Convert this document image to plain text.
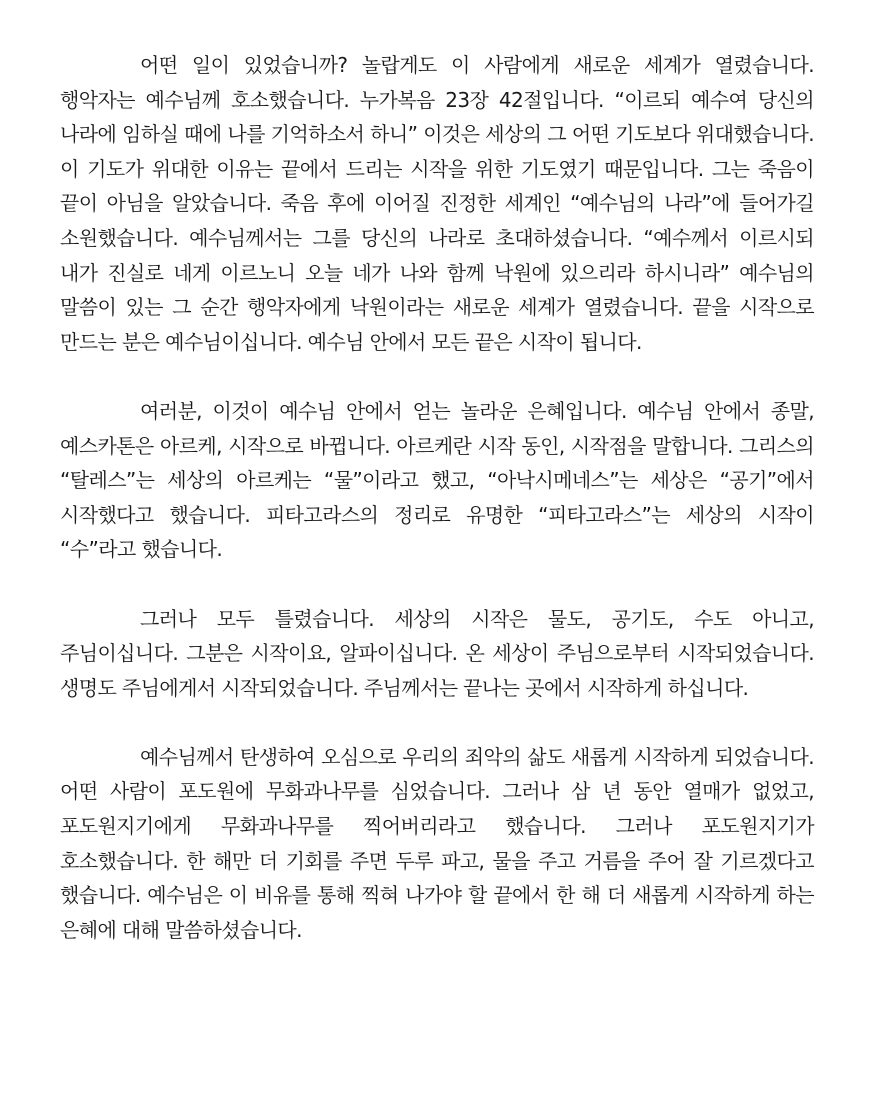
어떤 일이 있었습니까? 놀랍게도 이 사람에게 새로운 세계가 열렸습니다. 행악자는 예수님께 호소했습니다. 누가복음 23장 42절입니다. “이르되 예수여 당신의 나라에 임하실 때에 나를 기억하소서 하니” 이것은 세상의 그 어떤 기도보다 위대했습니다. 이 기도가 위대한 이유는 끝에서 드리는 시작을 위한 기도였기 때문입니다. 그는 죽음이 끝이 아님을 알았습니다. 죽음 후에 이어질 진정한 세계인 “예수님의 나라”에 들어가길 소원했습니다. 예수님께서는 그를 당신의 나라로 초대하셨습니다. “예수께서 이르시되 내가 진실로 네게 이르노니 오늘 네가 나와 함께 낙원에 있으리라 하시니라” 예수님의 말씀이 있는 그 순간 행악자에게 낙원이라는 새로운 세계가 열렸습니다. 끝을 시작으로 만드는 분은 예수님이십니다. 예수님 안에서 모든 끝은 시작이 됩니다.

여러분, 이것이 예수님 안에서 얻는 놀라운 은혜입니다. 예수님 안에서 종말, 예스카톤은 아르케, 시작으로 바뀝니다. 아르케란 시작 동인, 시작점을 말합니다. 그리스의 “탈레스”는 세상의 아르케는 “물”이라고 했고, “아낙시메네스”는 세상은 “공기”에서 시작했다고 했습니다. 피타고라스의 정리로 유명한 “피타고라스”는 세상의 시작이 “수”라고 했습니다.

그러나 모두 틀렸습니다. 세상의 시작은 물도, 공기도, 수도 아니고, 주님이십니다. 그분은 시작이요, 알파이십니다. 온 세상이 주님으로부터 시작되었습니다. 생명도 주님에게서 시작되었습니다. 주님께서는 끝나는 곳에서 시작하게 하십니다.

예수님께서 탄생하여 오심으로 우리의 죄악의 삶도 새롭게 시작하게 되었습니다. 어떤 사람이 포도원에 무화과나무를 심었습니다. 그러나 삼 년 동안 열매가 없었고, 포도원지기에게 무화과나무를 찍어버리라고 했습니다. 그러나 포도원지기가 호소했습니다. 한 해만 더 기회를 주면 두루 파고, 물을 주고 거름을 주어 잘 기르겠다고 했습니다. 예수님은 이 비유를 통해 찍혀 나가야 할 끝에서 한 해 더 새롭게 시작하게 하는 은혜에 대해 말씀하셨습니다.
